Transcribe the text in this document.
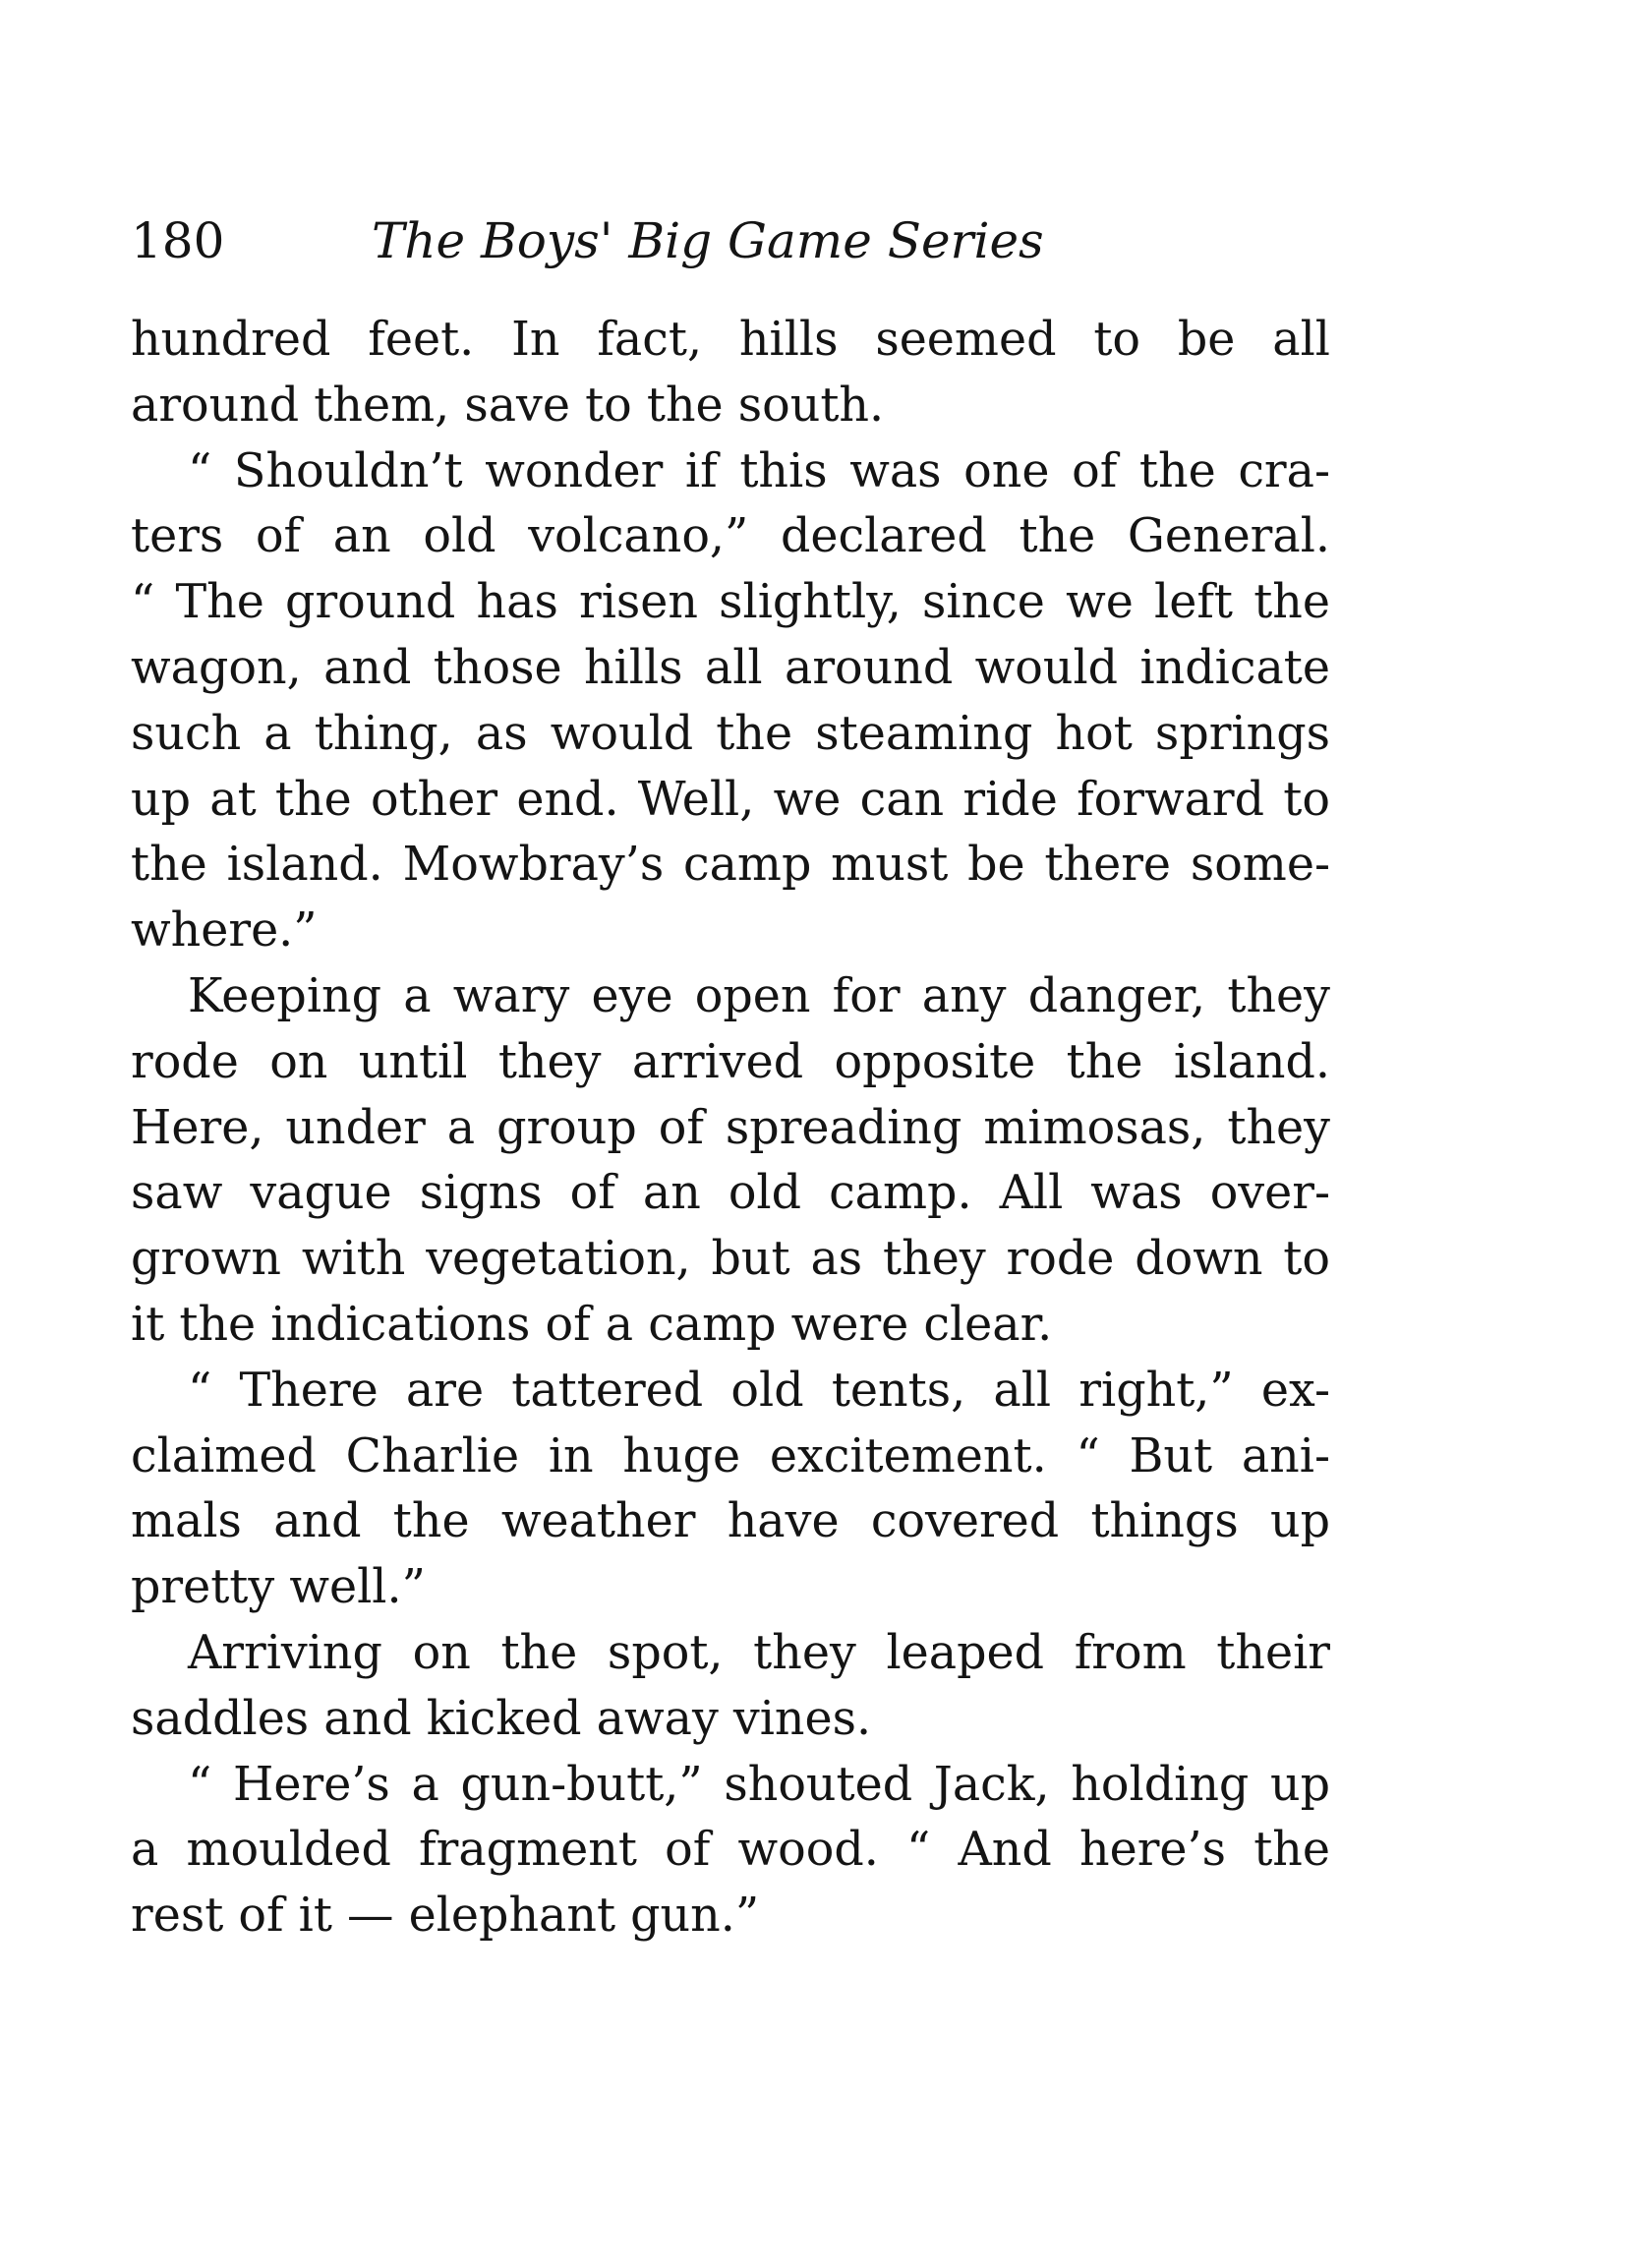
180	The Boys' Big Game Series
hundred feet. In fact, hills seemed to be all
around them, save to the south.
“ Shouldn’t wonder if this was one of the cra-
ters of an old volcano,” declared the General.
“ The ground has risen slightly, since we left the
wagon, and those hills all around would indicate
such a thing, as would the steaming hot springs
up at the other end. Well, we can ride forward to
the island. Mowbray’s camp must be there some-
where.”
Keeping a wary eye open for any danger, they
rode on until they arrived opposite the island.
Here, under a group of spreading mimosas, they
saw vague signs of an old camp. All was over-
grown with vegetation, but as they rode down to
it the indications of a camp were clear.
“ There are tattered old tents, all right,” ex-
claimed Charlie in huge excitement. “ But ani-
mals and the weather have covered things up
pretty well.”
Arriving on the spot, they leaped from their
saddles and kicked away vines.
“ Here’s a gun-butt,” shouted Jack, holding up
a moulded fragment of wood. “ And here’s the
rest of it — elephant gun.”
